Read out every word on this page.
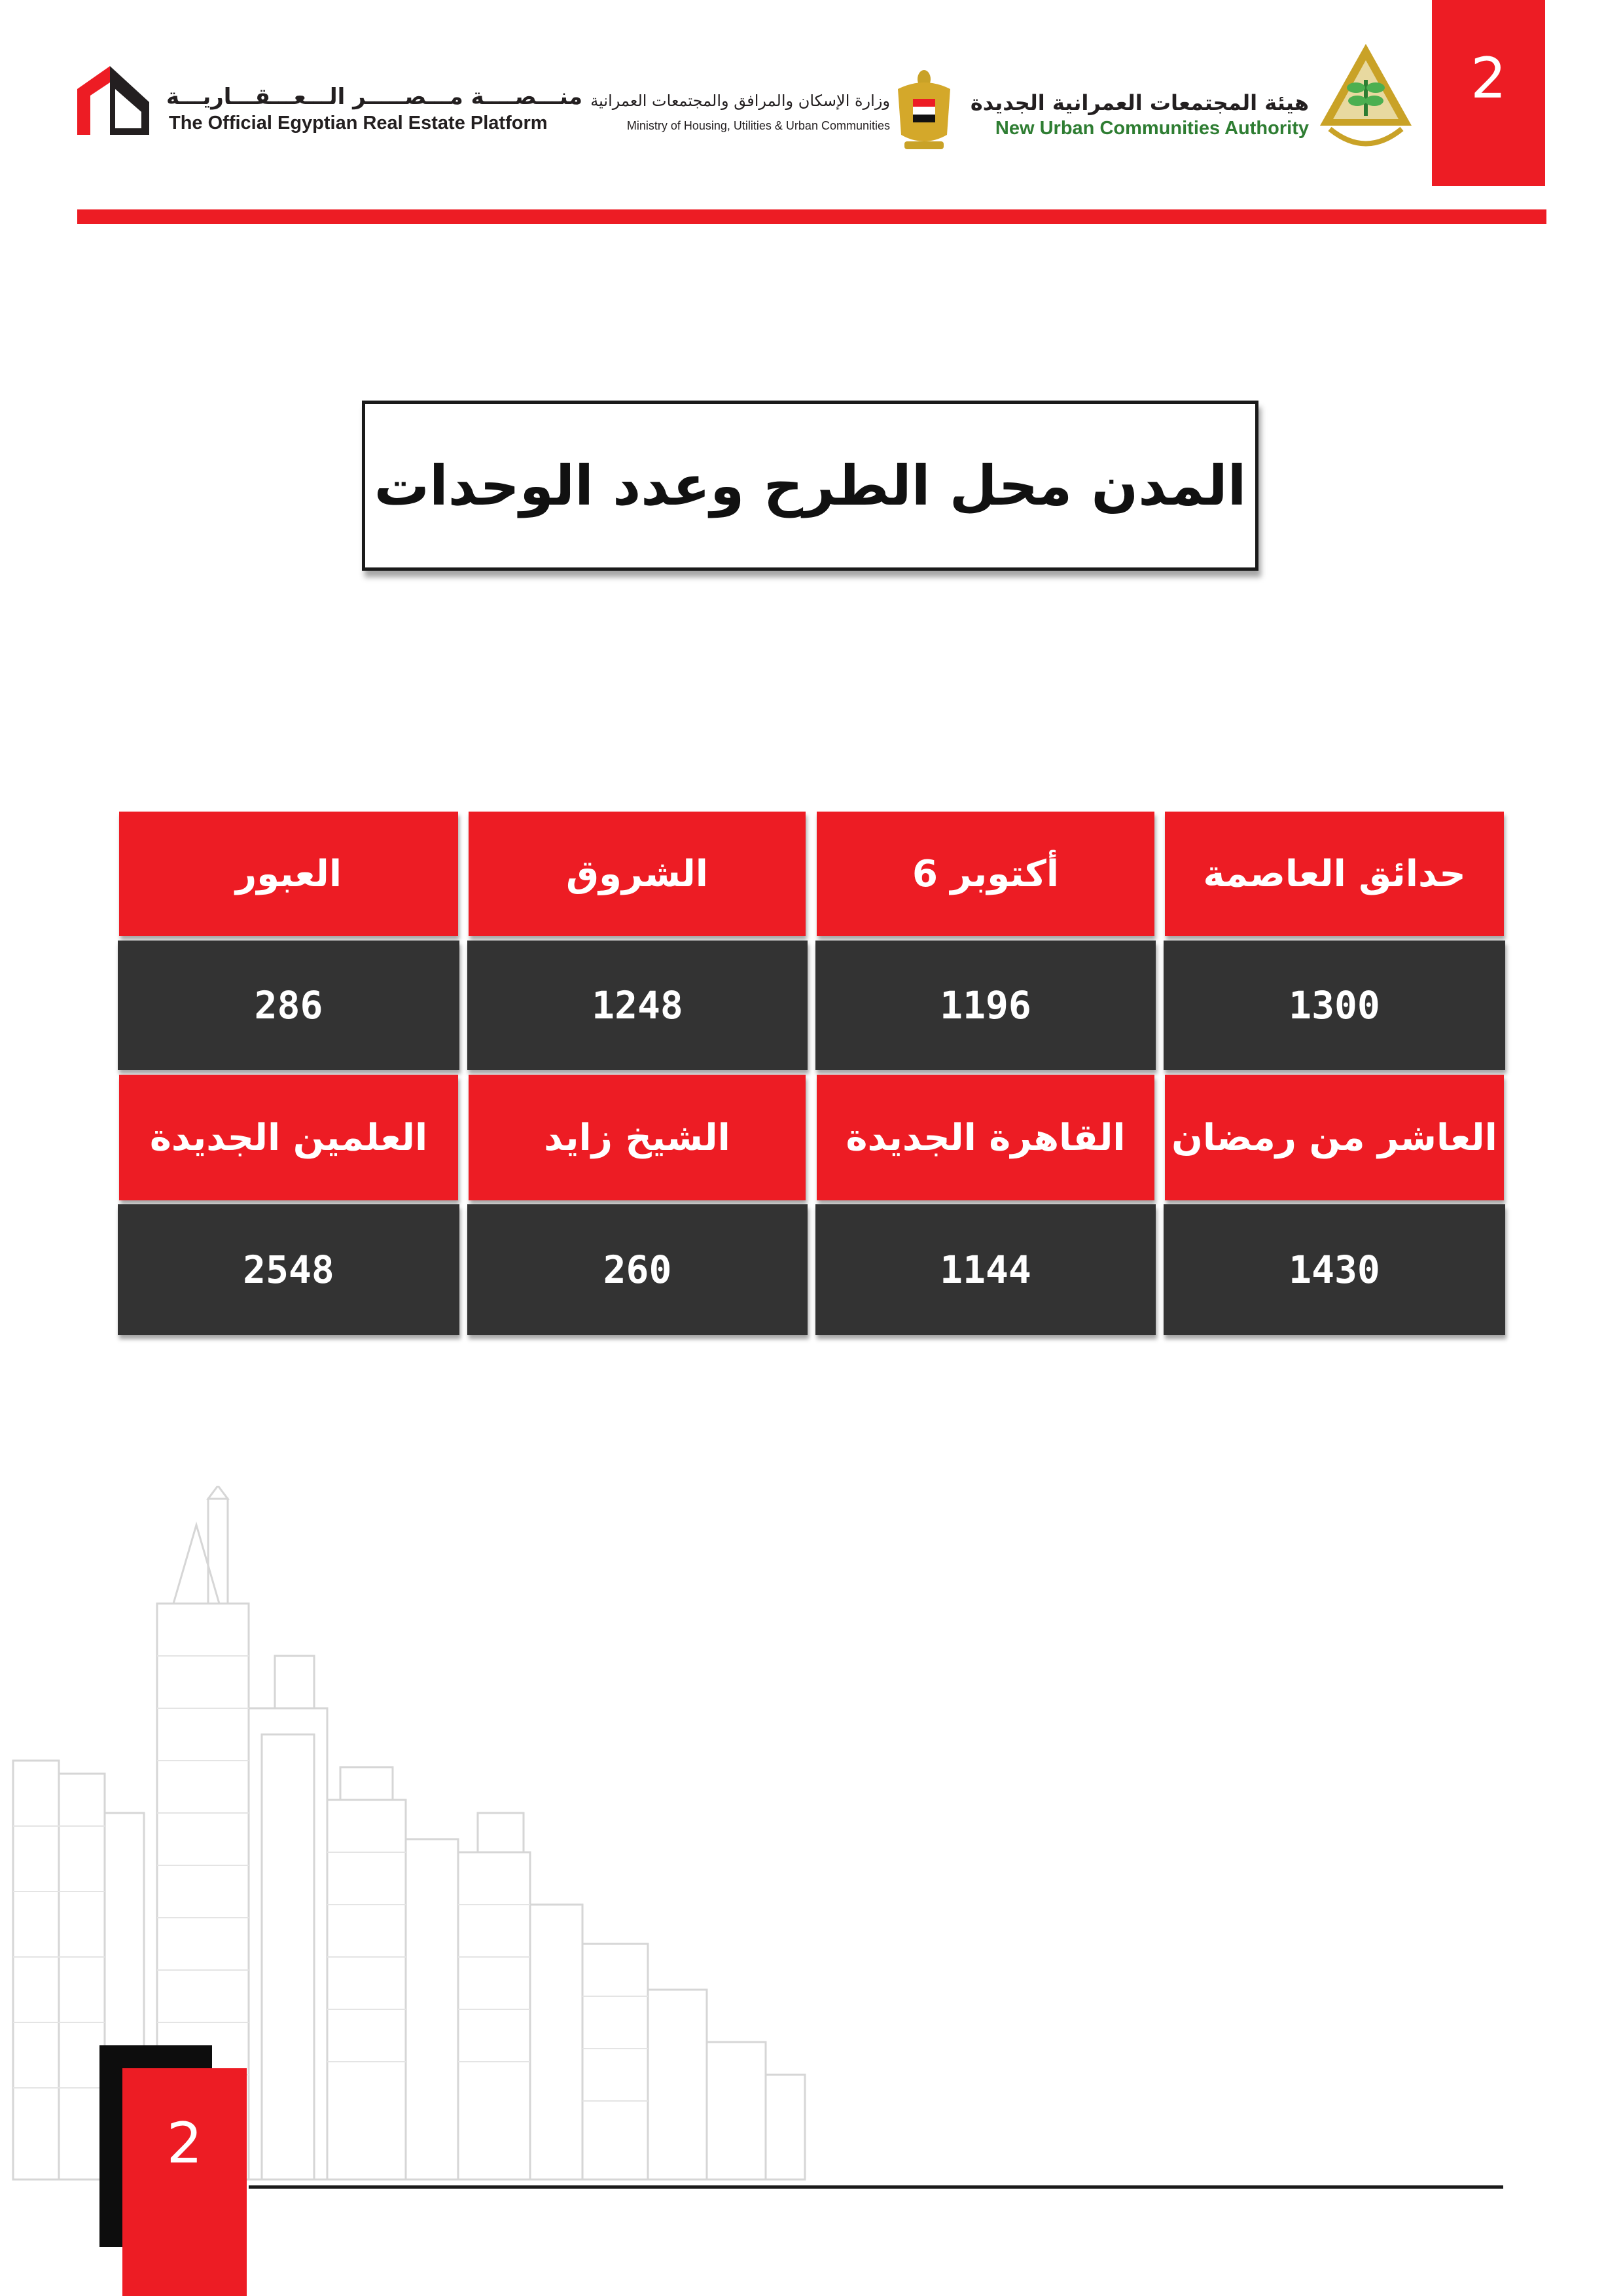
2
منـــصــــة مـــصـــــر الـــعـــقـــاريـــة
The Official Egyptian Real Estate Platform
وزارة الإسكان والمرافق والمجتمعات العمرانية
Ministry of Housing, Utilities & Urban Communities
هيئة المجتمعات العمرانية الجديدة
New Urban Communities Authority
المدن محل الطرح وعدد الوحدات
العبور	الشروق	أكتوبر 6	حدائق العاصمة
286	1248	1196	1300
العلمين الجديدة	الشيخ زايد	القاهرة الجديدة	العاشر من رمضان
2548	260	1144	1430
2
